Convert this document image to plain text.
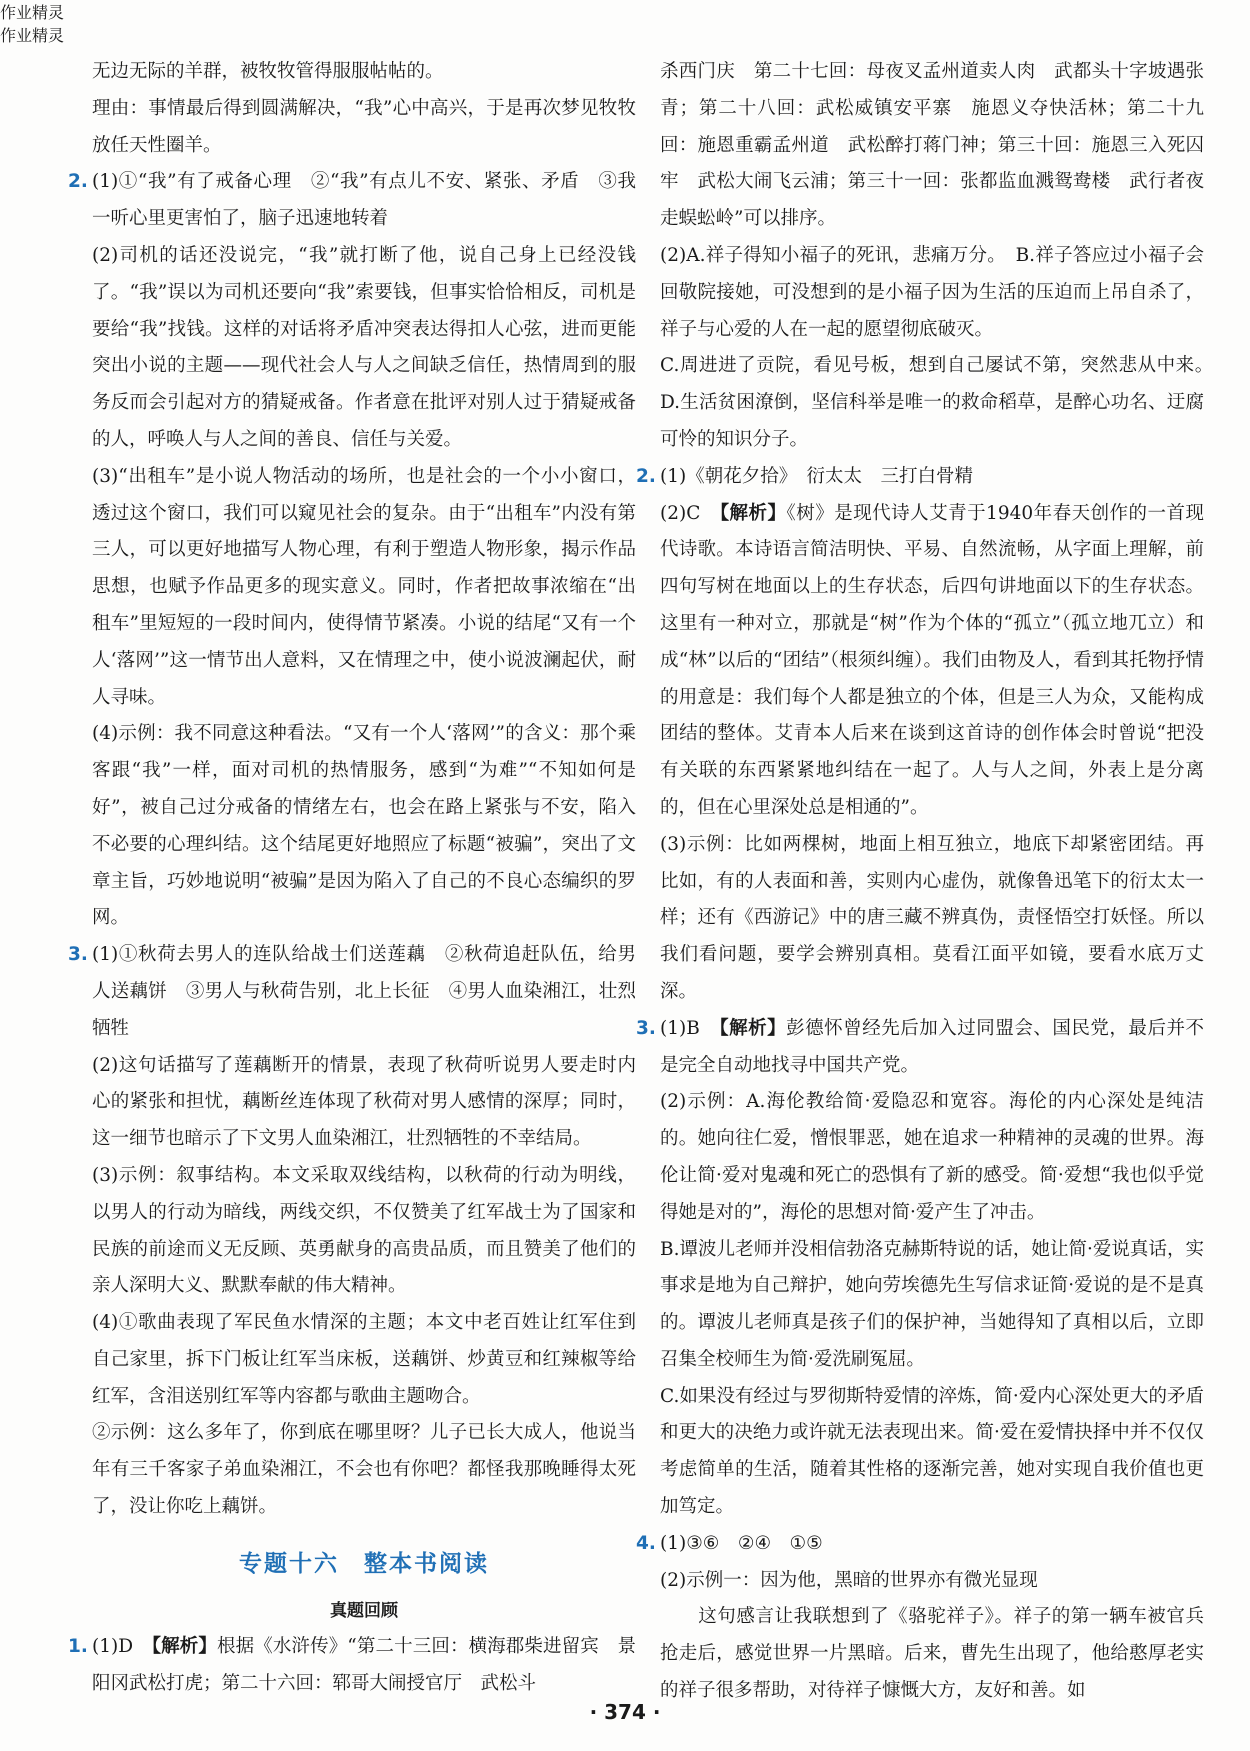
无边无际的羊群，被牧牧管得服服帖帖的。

理由：事情最后得到圆满解决，“我”心中高兴，于是再次梦见牧牧放任天性圈羊。

2. (1)①“我”有了戒备心理　②“我”有点儿不安、紧张、矛盾　③我一听心里更害怕了，脑子迅速地转着

(2)司机的话还没说完，“我”就打断了他，说自己身上已经没钱了。“我”误以为司机还要向“我”索要钱，但事实恰恰相反，司机是要给“我”找钱。这样的对话将矛盾冲突表达得扣人心弦，进而更能突出小说的主题——现代社会人与人之间缺乏信任，热情周到的服务反而会引起对方的猜疑戒备。作者意在批评对别人过于猜疑戒备的人，呼唤人与人之间的善良、信任与关爱。

(3)“出租车”是小说人物活动的场所，也是社会的一个小小窗口，透过这个窗口，我们可以窥见社会的复杂。由于“出租车”内没有第三人，可以更好地描写人物心理，有利于塑造人物形象，揭示作品思想，也赋予作品更多的现实意义。同时，作者把故事浓缩在“出租车”里短短的一段时间内，使得情节紧凑。小说的结尾“又有一个人‘落网’”这一情节出人意料，又在情理之中，使小说波澜起伏，耐人寻味。

(4)示例：我不同意这种看法。“又有一个人‘落网’”的含义：那个乘客跟“我”一样，面对司机的热情服务，感到“为难”“不知如何是好”，被自己过分戒备的情绪左右，也会在路上紧张与不安，陷入不必要的心理纠结。这个结尾更好地照应了标题“被骗”，突出了文章主旨，巧妙地说明“被骗”是因为陷入了自己的不良心态编织的罗网。

3. (1)①秋荷去男人的连队给战士们送莲藕　②秋荷追赶队伍，给男人送藕饼　③男人与秋荷告别，北上长征　④男人血染湘江，壮烈牺牲

(2)这句话描写了莲藕断开的情景，表现了秋荷听说男人要走时内心的紧张和担忧，藕断丝连体现了秋荷对男人感情的深厚；同时，这一细节也暗示了下文男人血染湘江，壮烈牺牲的不幸结局。

(3)示例：叙事结构。本文采取双线结构，以秋荷的行动为明线，以男人的行动为暗线，两线交织，不仅赞美了红军战士为了国家和民族的前途而义无反顾、英勇献身的高贵品质，而且赞美了他们的亲人深明大义、默默奉献的伟大精神。

(4)①歌曲表现了军民鱼水情深的主题；本文中老百姓让红军住到自己家里，拆下门板让红军当床板，送藕饼、炒黄豆和红辣椒等给红军，含泪送别红军等内容都与歌曲主题吻合。

②示例：这么多年了，你到底在哪里呀？儿子已长大成人，他说当年有三千客家子弟血染湘江，不会也有你吧？都怪我那晚睡得太死了，没让你吃上藕饼。

专题十六　整本书阅读
真题回顾

1. (1)D　【解析】根据《水浒传》“第二十三回：横海郡柴进留宾　景阳冈武松打虎；第二十六回：郓哥大闹授官厅　武松斗

杀西门庆　第二十七回：母夜叉孟州道卖人肉　武都头十字坡遇张青；第二十八回：武松威镇安平寨　施恩义夺快活林；第二十九回：施恩重霸孟州道　武松醉打蒋门神；第三十回：施恩三入死囚牢　武松大闹飞云浦；第三十一回：张都监血溅鸳鸯楼　武行者夜走蜈蚣岭”可以排序。

(2)A.祥子得知小福子的死讯，悲痛万分。　B.祥子答应过小福子会回敬院接她，可没想到的是小福子因为生活的压迫而上吊自杀了，祥子与心爱的人在一起的愿望彻底破灭。

C.周进进了贡院，看见号板，想到自己屡试不第，突然悲从中来。　D.生活贫困潦倒，坚信科举是唯一的救命稻草，是醉心功名、迂腐可怜的知识分子。

2. (1)《朝花夕拾》　衍太太　三打白骨精

(2)C　【解析】《树》是现代诗人艾青于1940年春天创作的一首现代诗歌。本诗语言简洁明快、平易、自然流畅，从字面上理解，前四句写树在地面以上的生存状态，后四句讲地面以下的生存状态。这里有一种对立，那就是“树”作为个体的“孤立”（孤立地兀立）和成“林”以后的“团结”（根须纠缠）。我们由物及人，看到其托物抒情的用意是：我们每个人都是独立的个体，但是三人为众，又能构成团结的整体。艾青本人后来在谈到这首诗的创作体会时曾说“把没有关联的东西紧紧地纠结在一起了。人与人之间，外表上是分离的，但在心里深处总是相通的”。

(3)示例：比如两棵树，地面上相互独立，地底下却紧密团结。再比如，有的人表面和善，实则内心虚伪，就像鲁迅笔下的衍太太一样；还有《西游记》中的唐三藏不辨真伪，责怪悟空打妖怪。所以我们看问题，要学会辨别真相。莫看江面平如镜，要看水底万丈深。

3. (1)B　【解析】彭德怀曾经先后加入过同盟会、国民党，最后并不是完全自动地找寻中国共产党。

(2)示例：A.海伦教给简·爱隐忍和宽容。海伦的内心深处是纯洁的。她向往仁爱，憎恨罪恶，她在追求一种精神的灵魂的世界。海伦让简·爱对鬼魂和死亡的恐惧有了新的感受。简·爱想“我也似乎觉得她是对的”，海伦的思想对简·爱产生了冲击。

B.谭波儿老师并没相信勃洛克赫斯特说的话，她让简·爱说真话，实事求是地为自己辩护，她向劳埃德先生写信求证简·爱说的是不是真的。谭波儿老师真是孩子们的保护神，当她得知了真相以后，立即召集全校师生为简·爱洗刷冤屈。

C.如果没有经过与罗彻斯特爱情的淬炼，简·爱内心深处更大的矛盾和更大的决绝力或许就无法表现出来。简·爱在爱情抉择中并不仅仅考虑简单的生活，随着其性格的逐渐完善，她对实现自我价值也更加笃定。

4. (1)③⑥　②④　①⑤

(2)示例一：因为他，黑暗的世界亦有微光显现

　　这句感言让我联想到了《骆驼祥子》。祥子的第一辆车被官兵抢走后，感觉世界一片黑暗。后来，曹先生出现了，他给憨厚老实的祥子很多帮助，对待祥子慷慨大方，友好和善。如

作业精灵
作业精灵
· 374 ·
